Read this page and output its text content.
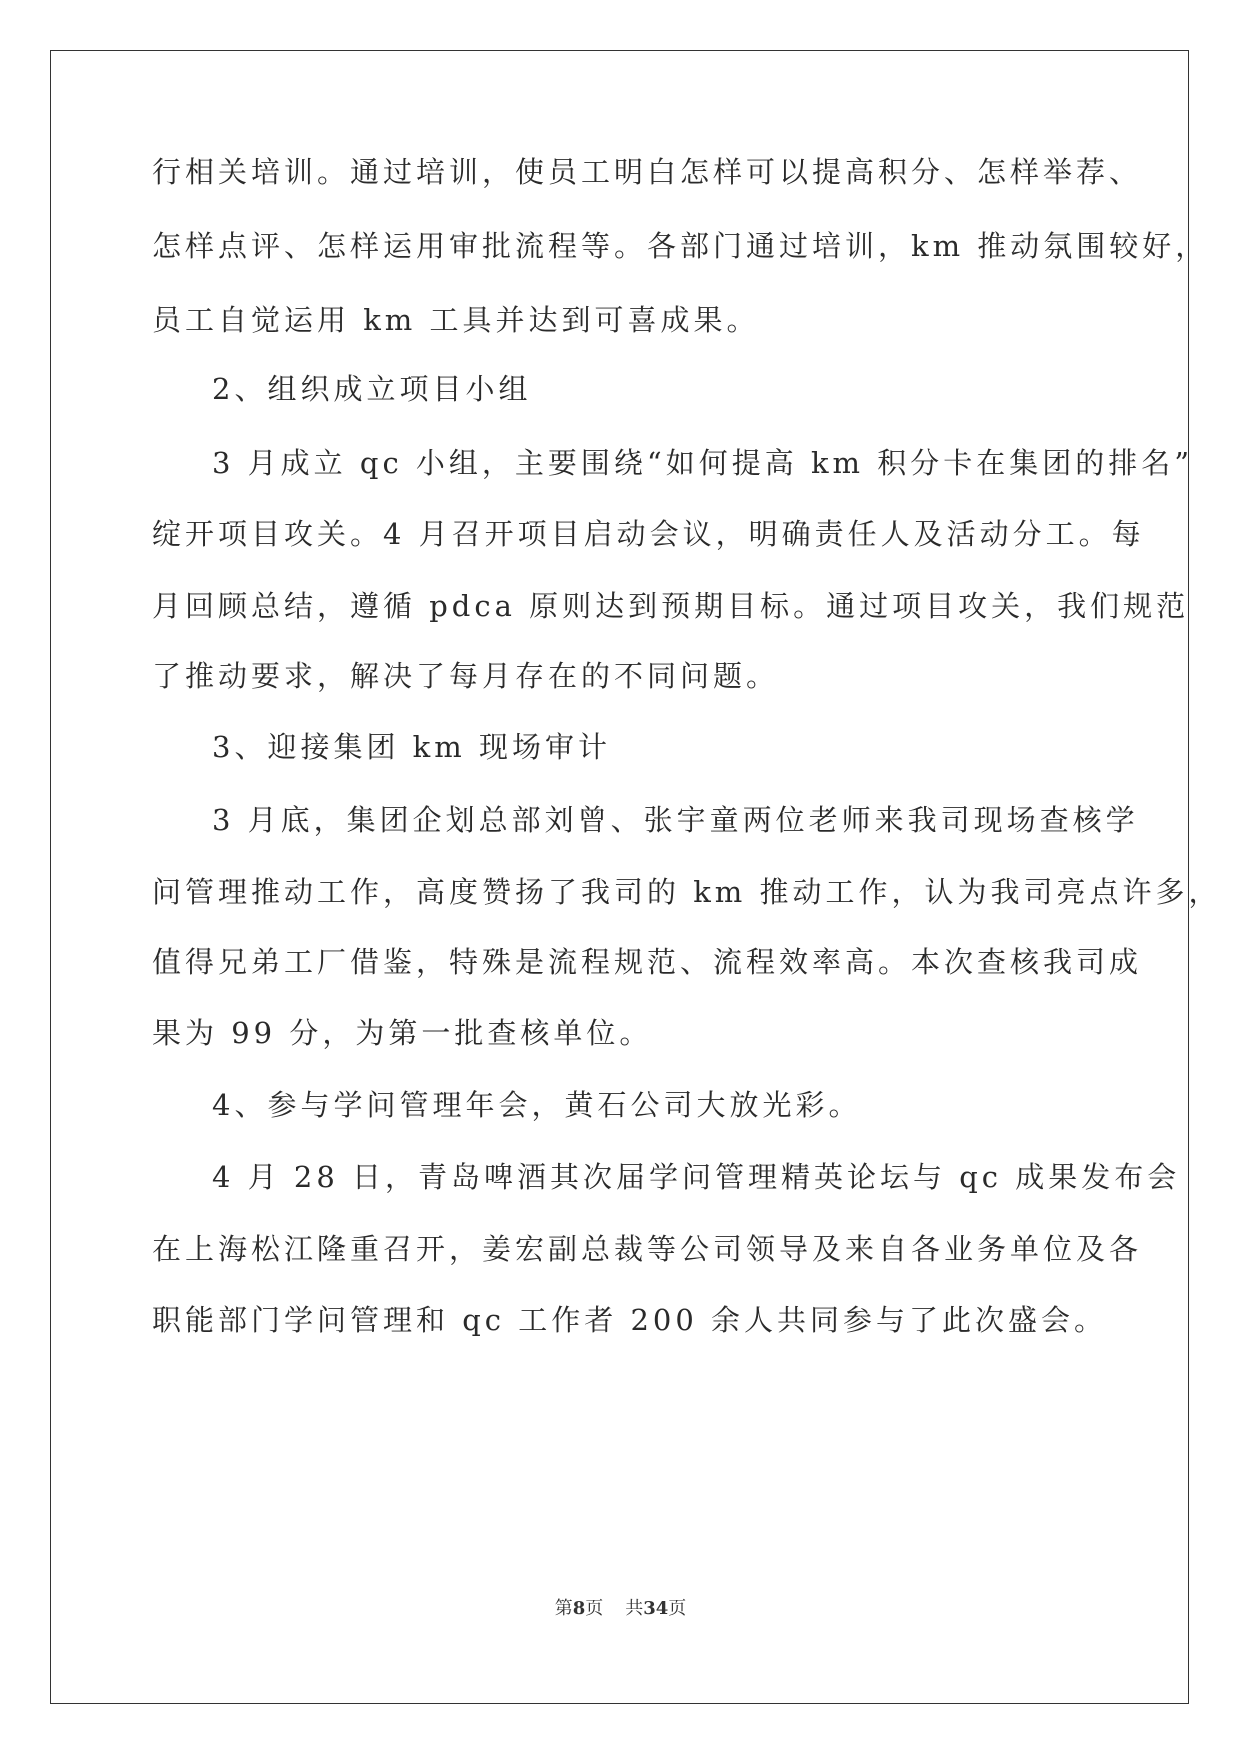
行相关培训。通过培训，使员工明白怎样可以提高积分、怎样举荐、
怎样点评、怎样运用审批流程等。各部门通过培训，km 推动氛围较好，
员工自觉运用 km 工具并达到可喜成果。
2、组织成立项目小组
3 月成立 qc 小组，主要围绕“如何提高 km 积分卡在集团的排名”
绽开项目攻关。4 月召开项目启动会议，明确责任人及活动分工。每
月回顾总结，遵循 pdca 原则达到预期目标。通过项目攻关，我们规范
了推动要求，解决了每月存在的不同问题。
3、迎接集团 km 现场审计
3 月底，集团企划总部刘曾、张宇童两位老师来我司现场查核学
问管理推动工作，高度赞扬了我司的 km 推动工作，认为我司亮点许多，
值得兄弟工厂借鉴，特殊是流程规范、流程效率高。本次查核我司成
果为 99 分，为第一批查核单位。
4、参与学问管理年会，黄石公司大放光彩。
4 月 28 日，青岛啤酒其次届学问管理精英论坛与 qc 成果发布会
在上海松江隆重召开，姜宏副总裁等公司领导及来自各业务单位及各
职能部门学问管理和 qc 工作者 200 余人共同参与了此次盛会。
第8页 共34页
